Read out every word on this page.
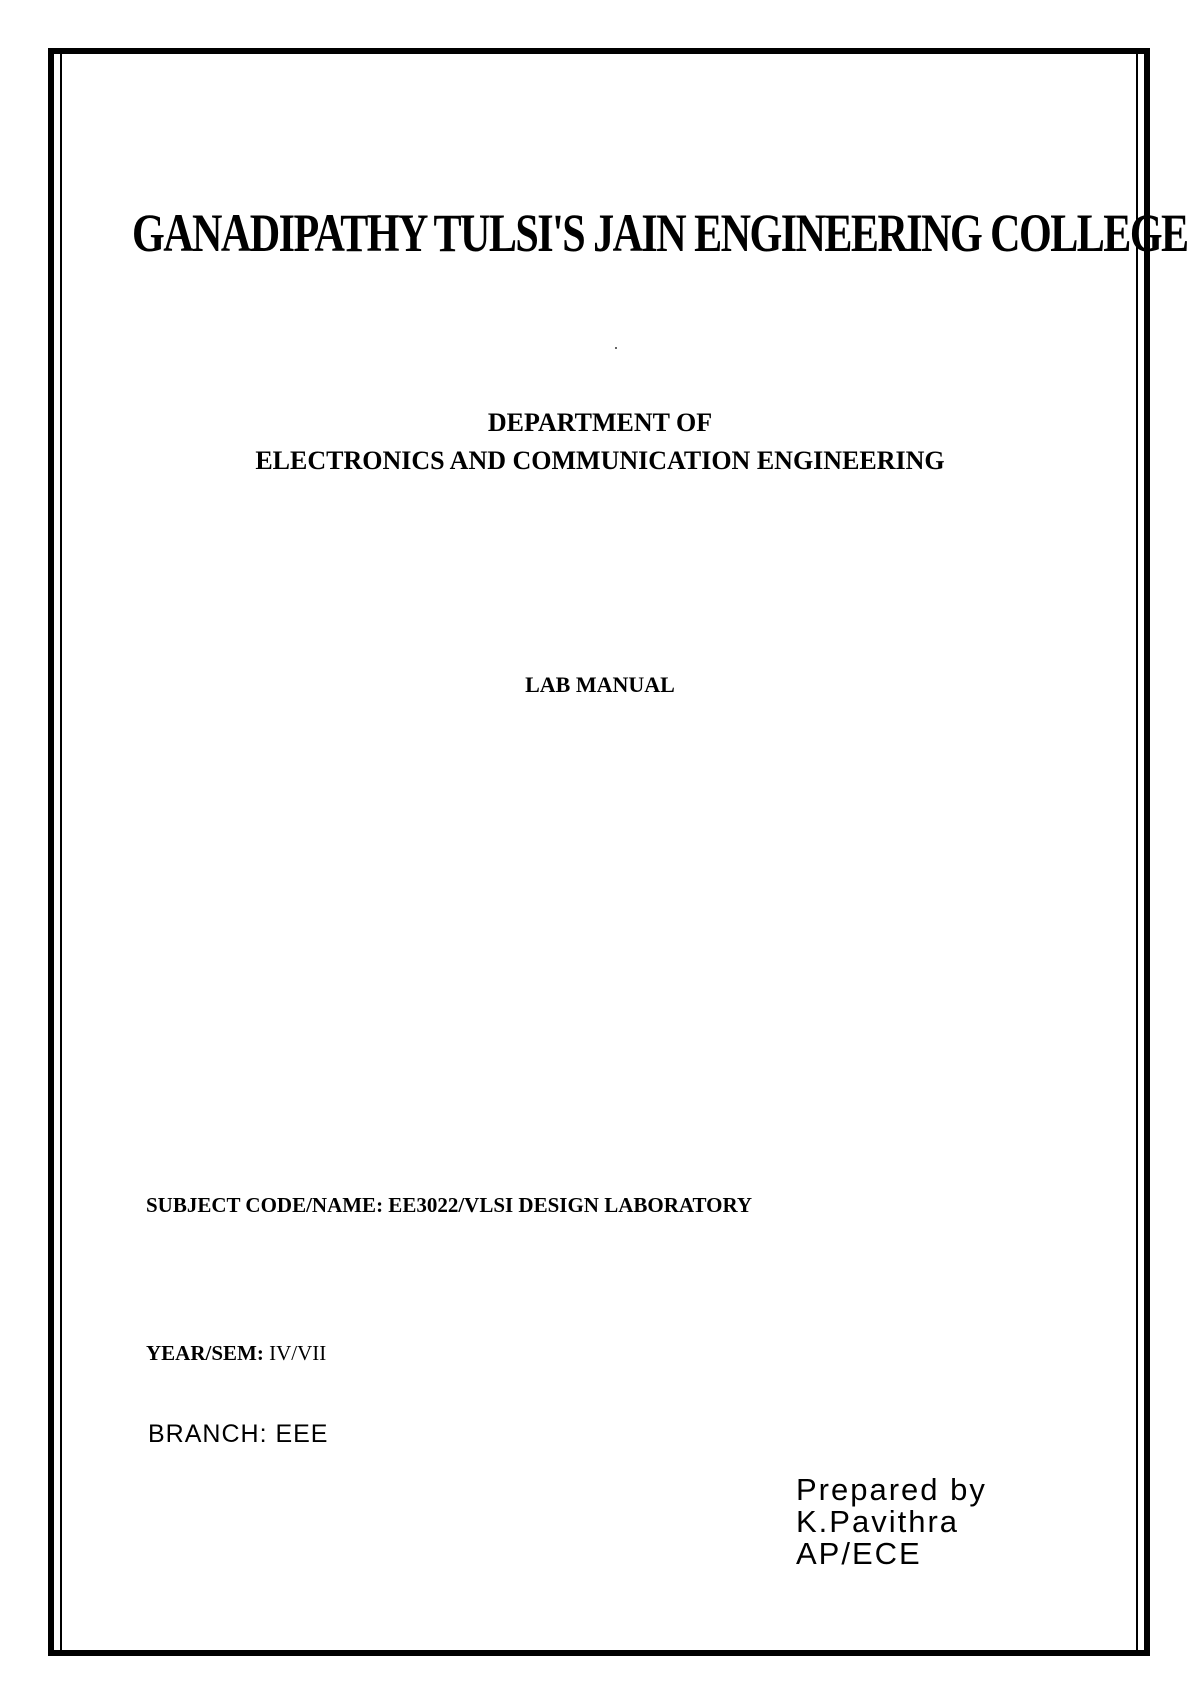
GANADIPATHY TULSI'S JAIN ENGINEERING COLLEGE
DEPARTMENT OF
ELECTRONICS AND COMMUNICATION ENGINEERING
LAB MANUAL
SUBJECT CODE/NAME: EE3022/VLSI DESIGN LABORATORY
YEAR/SEM: IV/VII
BRANCH: EEE
Prepared by
K.Pavithra
AP/ECE
